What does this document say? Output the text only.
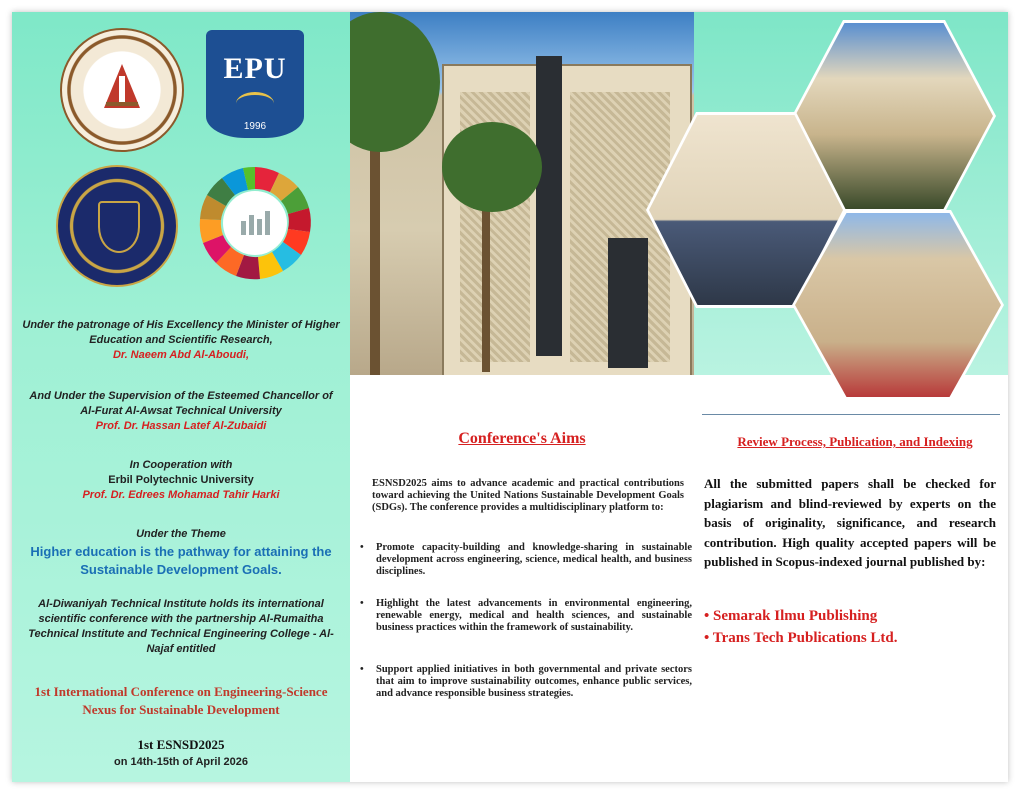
EPU
1996
Under the patronage of His Excellency the Minister of Higher Education and Scientific Research,
Dr. Naeem Abd Al-Aboudi,
And Under the Supervision of the Esteemed Chancellor of Al-Furat Al-Awsat Technical University
Prof. Dr. Hassan Latef Al-Zubaidi
In Cooperation with
Erbil Polytechnic University
Prof. Dr. Edrees Mohamad Tahir Harki
Under the Theme
Higher education is the pathway for attaining the Sustainable Development Goals.
Al-Diwaniyah Technical Institute holds its international scientific conference with the partnership Al-Rumaitha Technical Institute and Technical Engineering College - Al-Najaf entitled
1st International Conference on Engineering-Science Nexus for Sustainable Development
1st ESNSD2025
on 14th-15th of April 2026
Conference's Aims
ESNSD2025 aims to advance academic and practical contributions toward achieving the United Nations Sustainable Development Goals (SDGs). The conference provides a multidisciplinary platform to:
• Promote capacity-building and knowledge-sharing in sustainable development across engineering, science, medical health, and business disciplines.
• Highlight the latest advancements in environmental engineering, renewable energy, medical and health sciences, and sustainable business practices within the framework of sustainability.
• Support applied initiatives in both governmental and private sectors that aim to improve sustainability outcomes, enhance public services, and advance responsible business strategies.
Review Process, Publication, and Indexing
All the submitted papers shall be checked for plagiarism and blind-reviewed by experts on the basis of originality, significance, and research contribution. High quality accepted papers will be published in Scopus-indexed journal published by:
• Semarak Ilmu Publishing
• Trans Tech Publications Ltd.
